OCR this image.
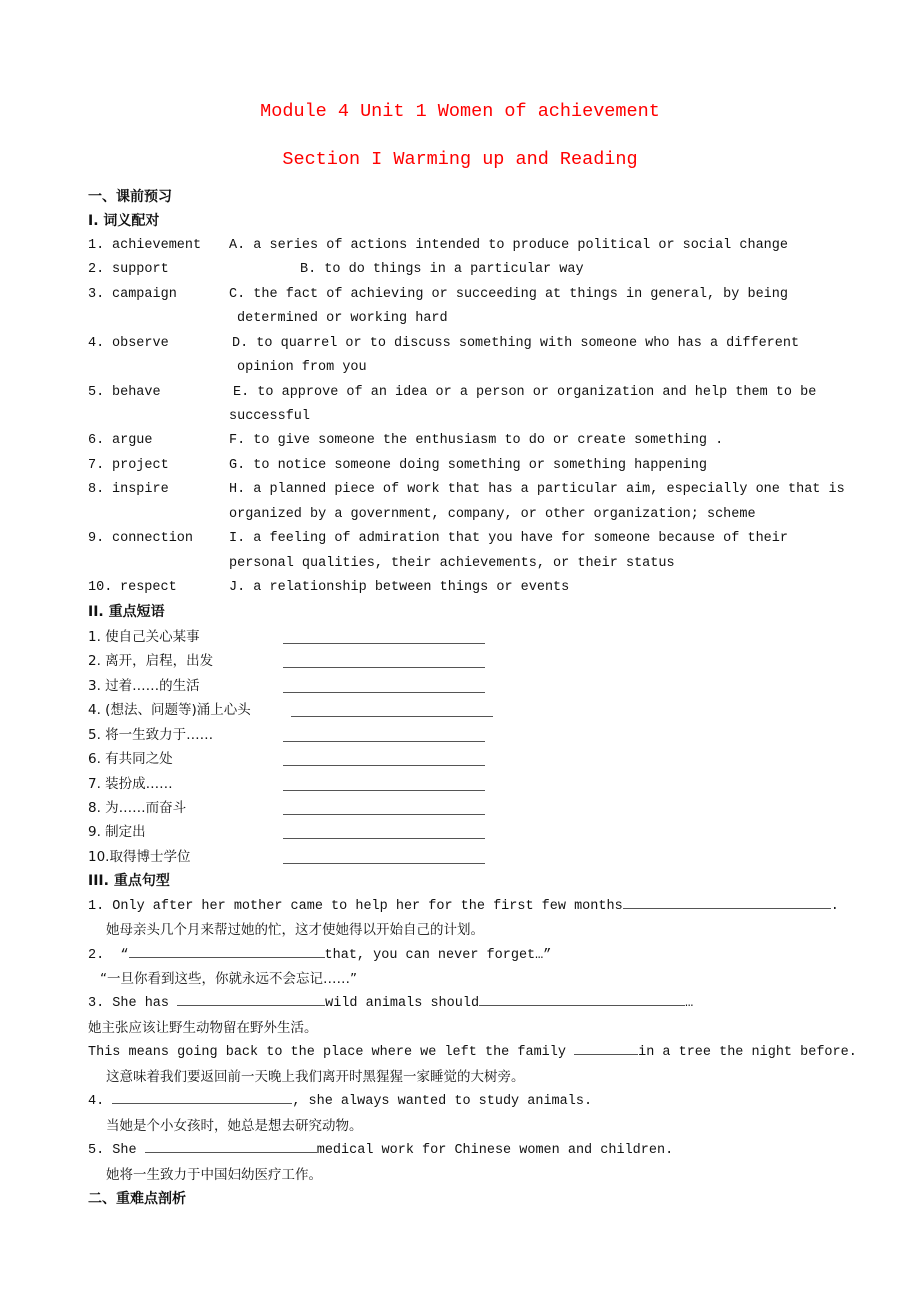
Module 4 Unit 1 Women of achievement
Section I Warming up and Reading
一、课前预习
I. 词义配对
1. achievement A. a series of actions intended to produce political or social change
2. support	B. to do things in a particular way
3. campaign	C. the fact of achieving or succeeding at things in general, by being
determined or working hard
4. observe	D. to quarrel or to discuss something with someone who has a different
opinion from you
5. behave	E. to approve of an idea or a person or organization and help them to be
successful
6. argue	F. to give someone the enthusiasm to do or create something .
7. project	G. to notice someone doing something or something happening
8. inspire	H. a planned piece of work that has a particular aim, especially one that is
organized by a government, company, or other organization; scheme
9. connection	I. a feeling of admiration that you have for someone because of their
personal qualities, their achievements, or their status
10. respect	J. a relationship between things or events
II. 重点短语
1. 使自己关心某事
2. 离开，启程，出发
3. 过着……的生活
4. (想法、问题等)涌上心头
5. 将一生致力于……
6. 有共同之处
7. 装扮成……
8. 为……而奋斗
9. 制定出
10.取得博士学位
III. 重点句型
1. Only after her mother came to help her for the first few months	.
她母亲头几个月来帮过她的忙，这才使她得以开始自己的计划。
2.  “	that, you can never forget…”
“一旦你看到这些，你就永远不会忘记……”
3. She has	wild animals should	…
她主张应该让野生动物留在野外生活。
This means going back to the place where we left the family	in a tree the night before.
这意味着我们要返回前一天晚上我们离开时黑猩猩一家睡觉的大树旁。
4.	, she always wanted to study animals.
当她是个小女孩时，她总是想去研究动物。
5. She	medical work for Chinese women and children.
她将一生致力于中国妇幼医疗工作。
二、重难点剖析
